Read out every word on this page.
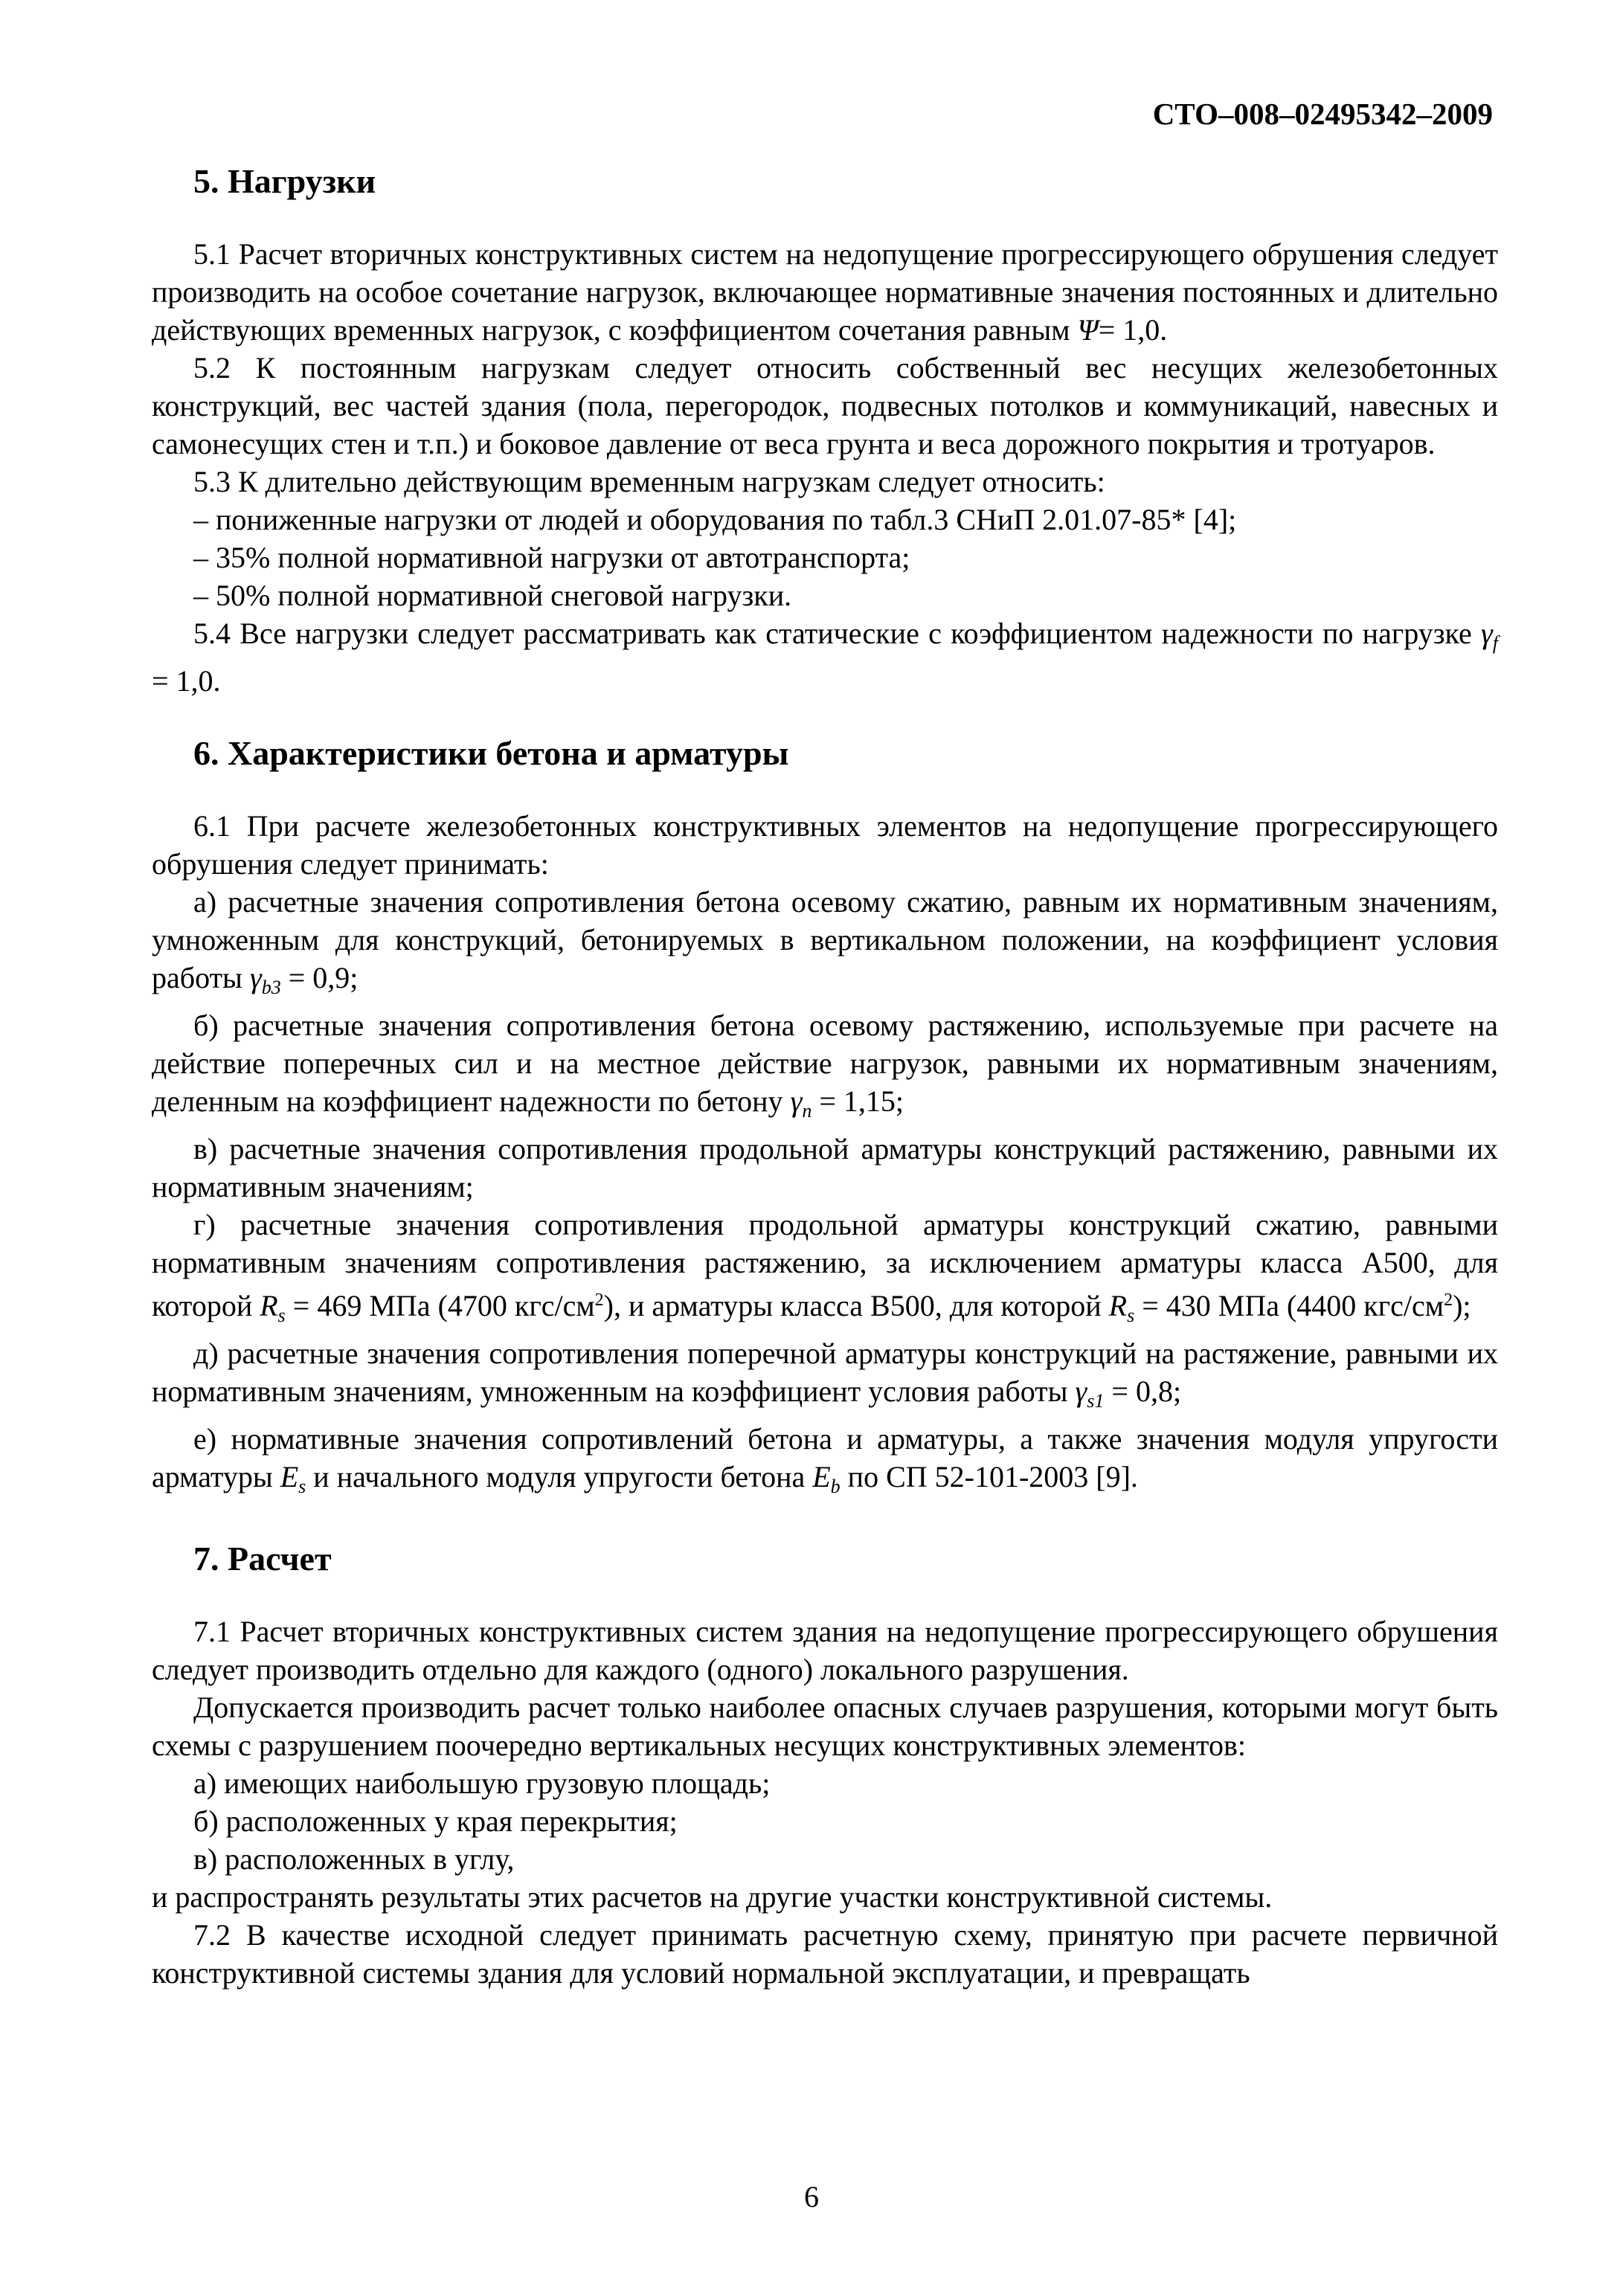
СТО–008–02495342–2009
5. Нагрузки

5.1 Расчет вторичных конструктивных систем на недопущение прогрессирующего обрушения следует производить на особое сочетание нагрузок, включающее нормативные значения постоянных и длительно действующих временных нагрузок, с коэффициентом сочетания равным Ψ= 1,0.

5.2 К постоянным нагрузкам следует относить собственный вес несущих железобетонных конструкций, вес частей здания (пола, перегородок, подвесных потолков и коммуникаций, навесных и самонесущих стен и т.п.) и боковое давление от веса грунта и веса дорожного покрытия и тротуаров.

5.3 К длительно действующим временным нагрузкам следует относить:

– пониженные нагрузки от людей и оборудования по табл.3 СНиП 2.01.07-85* [4];

– 35% полной нормативной нагрузки от автотранспорта;

– 50% полной нормативной снеговой нагрузки.

5.4 Все нагрузки следует рассматривать как статические с коэффициентом надежности по нагрузке $\gamma_f = 1,0$.

6. Характеристики бетона и арматуры

6.1 При расчете железобетонных конструктивных элементов на недопущение прогрессирующего обрушения следует принимать:

а) расчетные значения сопротивления бетона осевому сжатию, равным их нормативным значениям, умноженным для конструкций, бетонируемых в вертикальном положении, на коэффициент условия работы $\gamma_{b3} = 0,9$;

б) расчетные значения сопротивления бетона осевому растяжению, используемые при расчете на действие поперечных сил и на местное действие нагрузок, равными их нормативным значениям, деленным на коэффициент надежности по бетону $\gamma_n = 1,15$;

в) расчетные значения сопротивления продольной арматуры конструкций растяжению, равными их нормативным значениям;

г) расчетные значения сопротивления продольной арматуры конструкций сжатию, равными нормативным значениям сопротивления растяжению, за исключением арматуры класса А500, для которой $R_s = 469$ МПа (4700 кгс/$см^2$), и арматуры класса В500, для которой $R_s = 430$ МПа (4400 кгс/$см^2$);

д) расчетные значения сопротивления поперечной арматуры конструкций на растяжение, равными их нормативным значениям, умноженным на коэффициент условия работы $\gamma_{s1} = 0,8$;

е) нормативные значения сопротивлений бетона и арматуры, а также значения модуля упругости арматуры $E_s$ и начального модуля упругости бетона $E_b$ по СП 52-101-2003 [9].

7. Расчет

7.1 Расчет вторичных конструктивных систем здания на недопущение прогрессирующего обрушения следует производить отдельно для каждого (одного) локального разрушения.

Допускается производить расчет только наиболее опасных случаев разрушения, которыми могут быть схемы с разрушением поочередно вертикальных несущих конструктивных элементов:

а) имеющих наибольшую грузовую площадь;

б) расположенных у края перекрытия;

в) расположенных в углу,

и распространять результаты этих расчетов на другие участки конструктивной системы.

7.2 В качестве исходной следует принимать расчетную схему, принятую при расчете первичной конструктивной системы здания для условий нормальной эксплуатации, и превращать

6
